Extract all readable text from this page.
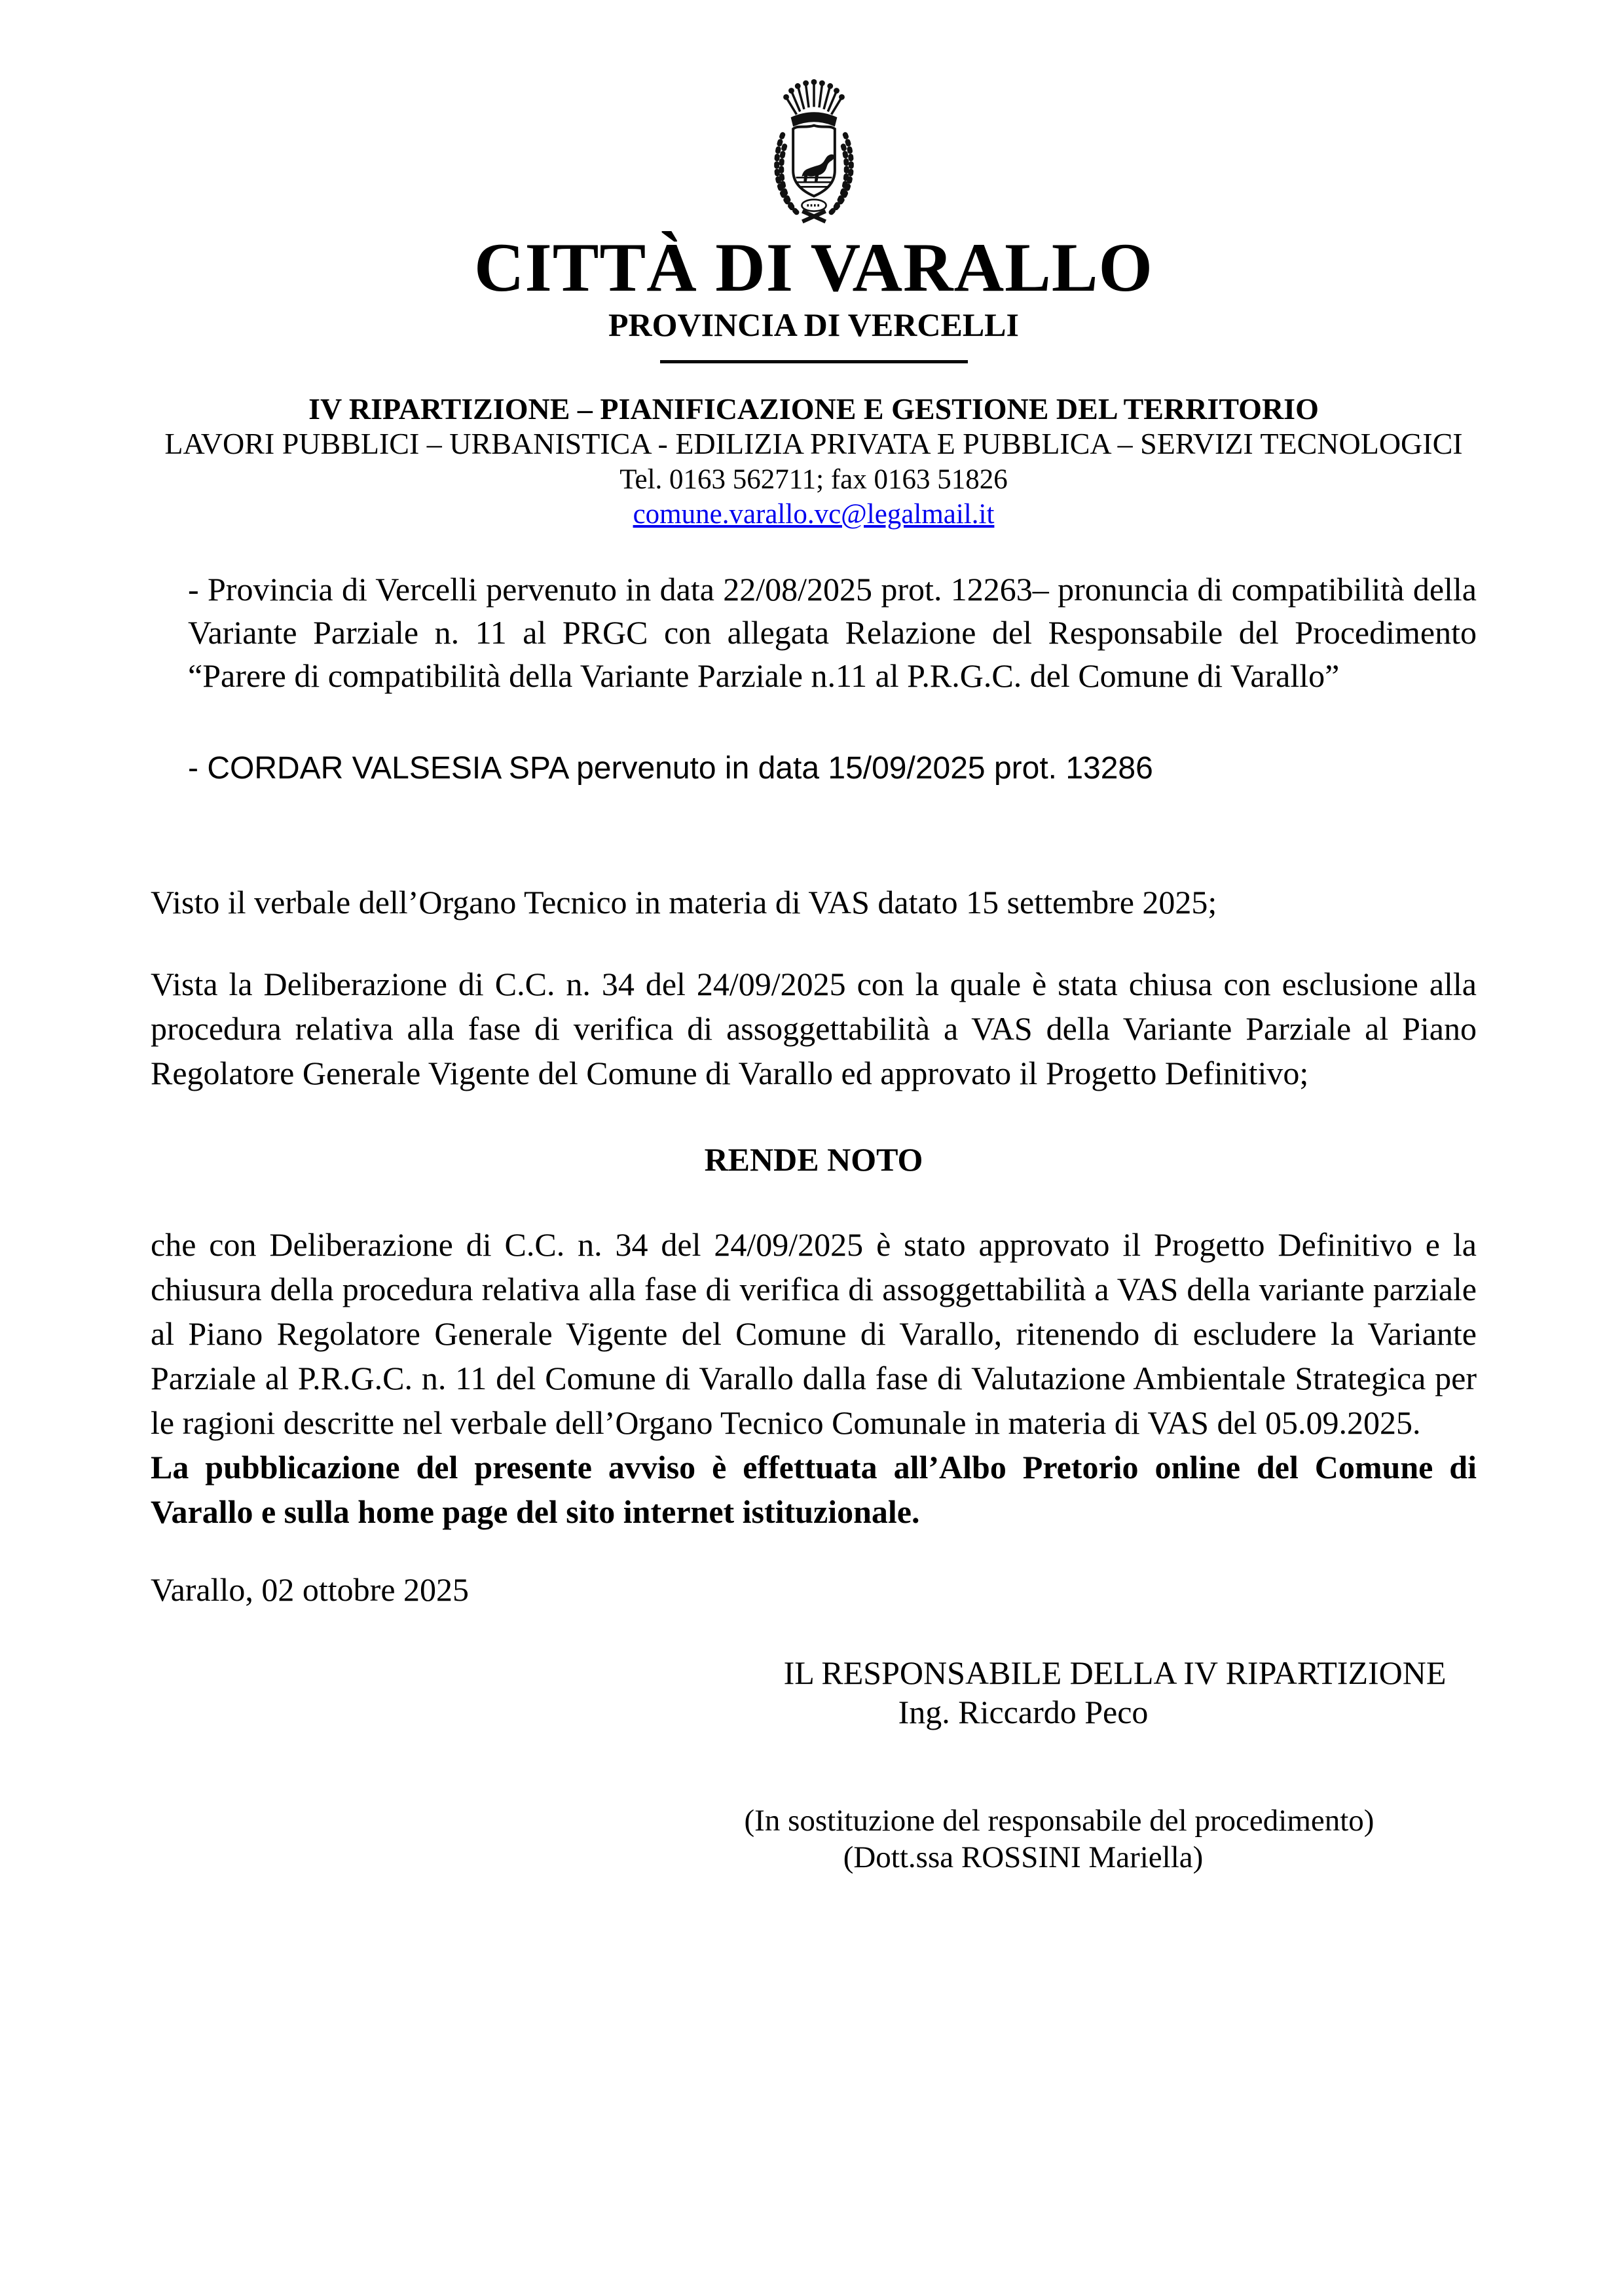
CITTÀ DI VARALLO
PROVINCIA DI VERCELLI

IV RIPARTIZIONE – PIANIFICAZIONE E GESTIONE DEL TERRITORIO

LAVORI PUBBLICI – URBANISTICA - EDILIZIA PRIVATA E PUBBLICA – SERVIZI TECNOLOGICI

Tel. 0163 562711; fax 0163 51826

comune.varallo.vc@legalmail.it

- Provincia di Vercelli pervenuto in data 22/08/2025 prot. 12263– pronuncia di compatibilità della Variante Parziale n. 11 al PRGC con allegata Relazione del Responsabile del Procedimento “Parere di compatibilità della Variante Parziale n.11 al P.R.G.C. del Comune di Varallo”

- CORDAR VALSESIA SPA pervenuto in data 15/09/2025 prot. 13286

Visto il verbale dell’Organo Tecnico in materia di VAS datato 15 settembre 2025;

Vista la Deliberazione di C.C. n. 34 del 24/09/2025 con la quale è stata chiusa con esclusione alla procedura relativa alla fase di verifica di assoggettabilità a VAS della Variante Parziale al Piano Regolatore Generale Vigente del Comune di Varallo ed approvato il Progetto Definitivo;

RENDE NOTO

che con Deliberazione di C.C. n. 34 del 24/09/2025 è stato approvato il Progetto Definitivo e la chiusura della procedura relativa alla fase di verifica di assoggettabilità a VAS della variante parziale al Piano Regolatore Generale Vigente del Comune di Varallo, ritenendo di escludere la Variante Parziale al P.R.G.C. n. 11 del Comune di Varallo dalla fase di Valutazione Ambientale Strategica per le ragioni descritte nel verbale dell’Organo Tecnico Comunale in materia di VAS del 05.09.2025.

La pubblicazione del presente avviso è effettuata all’Albo Pretorio online del Comune di Varallo e sulla home page del sito internet istituzionale.

Varallo, 02 ottobre 2025

IL RESPONSABILE DELLA IV RIPARTIZIONE

Ing. Riccardo Peco

(In sostituzione del responsabile del procedimento)

(Dott.ssa ROSSINI Mariella)
